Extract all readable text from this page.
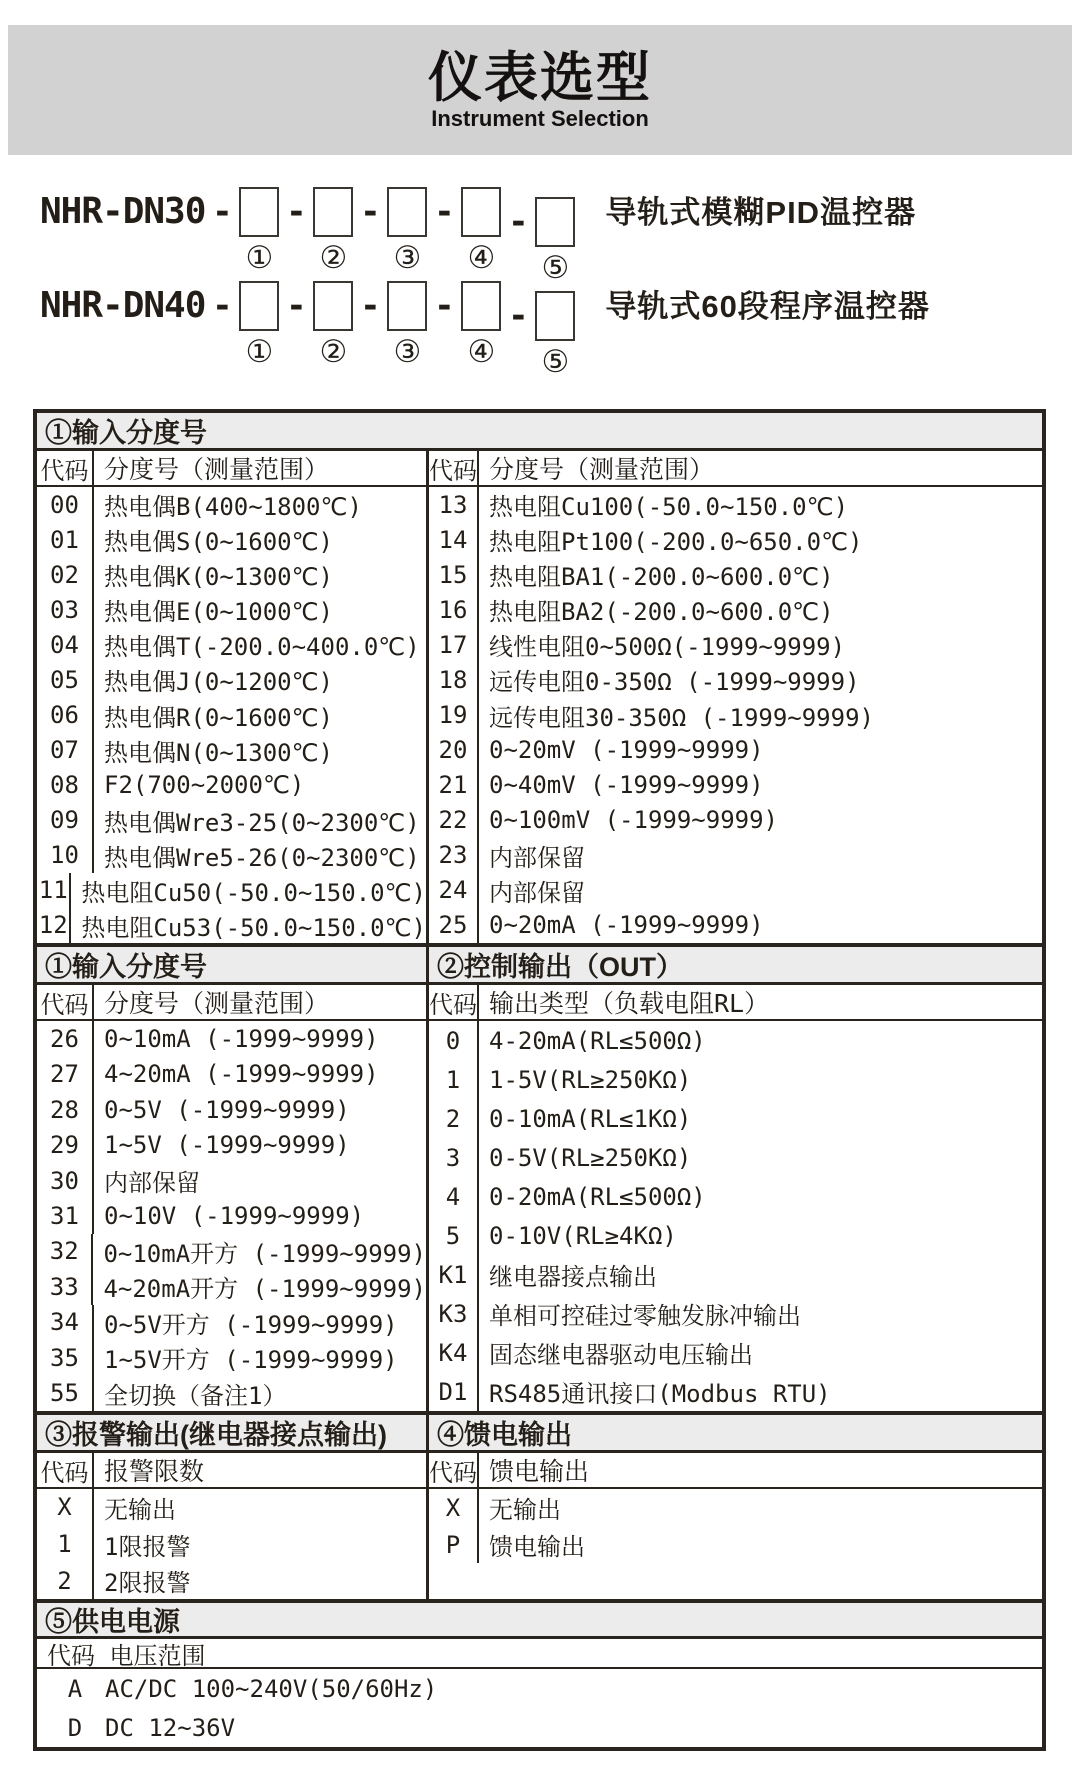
仪表选型
Instrument Selection
NHR-DN30 -
①
-
②
-
③
-
④
-
⑤
导轨式模糊PID温控器
NHR-DN40 -
①
-
②
-
③
-
④
-
⑤
导轨式60段程序温控器
①输入分度号
代码 分度号（测量范围）
00	热电偶B(400~1800℃)
01	热电偶S(0~1600℃)
02	热电偶K(0~1300℃)
03	热电偶E(0~1000℃)
04	热电偶T(-200.0~400.0℃)
05	热电偶J(0~1200℃)
06	热电偶R(0~1600℃)
07	热电偶N(0~1300℃)
08	F2(700~2000℃)
09	热电偶Wre3-25(0~2300℃)
10	热电偶Wre5-26(0~2300℃)
11 热电阻Cu50(-50.0~150.0℃)
12 热电阻Cu53(-50.0~150.0℃)
代码 分度号（测量范围）
13 热电阻Cu100(-50.0~150.0℃)
14 热电阻Pt100(-200.0~650.0℃)
15 热电阻BA1(-200.0~600.0℃)
16 热电阻BA2(-200.0~600.0℃)
17 线性电阻0~500Ω(-1999~9999)
18 远传电阻0-350Ω (-1999~9999)
19 远传电阻30-350Ω (-1999~9999)
20 0~20mV (-1999~9999)
21 0~40mV (-1999~9999)
22 0~100mV (-1999~9999)
23 内部保留
24 内部保留
25 0~20mA (-1999~9999)
①输入分度号	②控制输出（OUT）
代码 分度号（测量范围）
26	0~10mA (-1999~9999)
27	4~20mA (-1999~9999)
28	0~5V (-1999~9999)
29	1~5V (-1999~9999)
30	内部保留
31	0~10V (-1999~9999)
32	0~10mA开方 (-1999~9999)
33	4~20mA开方 (-1999~9999)
34	0~5V开方 (-1999~9999)
35	1~5V开方 (-1999~9999)
55	全切换（备注1）
代码 输出类型（负载电阻RL）
0	4-20mA(RL≤500Ω)
1	1-5V(RL≥250KΩ)
2	0-10mA(RL≤1KΩ)
3	0-5V(RL≥250KΩ)
4	0-20mA(RL≤500Ω)
5	0-10V(RL≥4KΩ)
K1 继电器接点输出
K3 单相可控硅过零触发脉冲输出
K4 固态继电器驱动电压输出
D1 RS485通讯接口(Modbus RTU)
③报警输出(继电器接点输出)	④馈电输出
代码 报警限数
X	无输出
1	1限报警
2	2限报警
代码 馈电输出
X	无输出
P	馈电输出
⑤供电电源
代码 电压范围
A AC/DC 100~240V(50/60Hz)
D DC 12~36V
